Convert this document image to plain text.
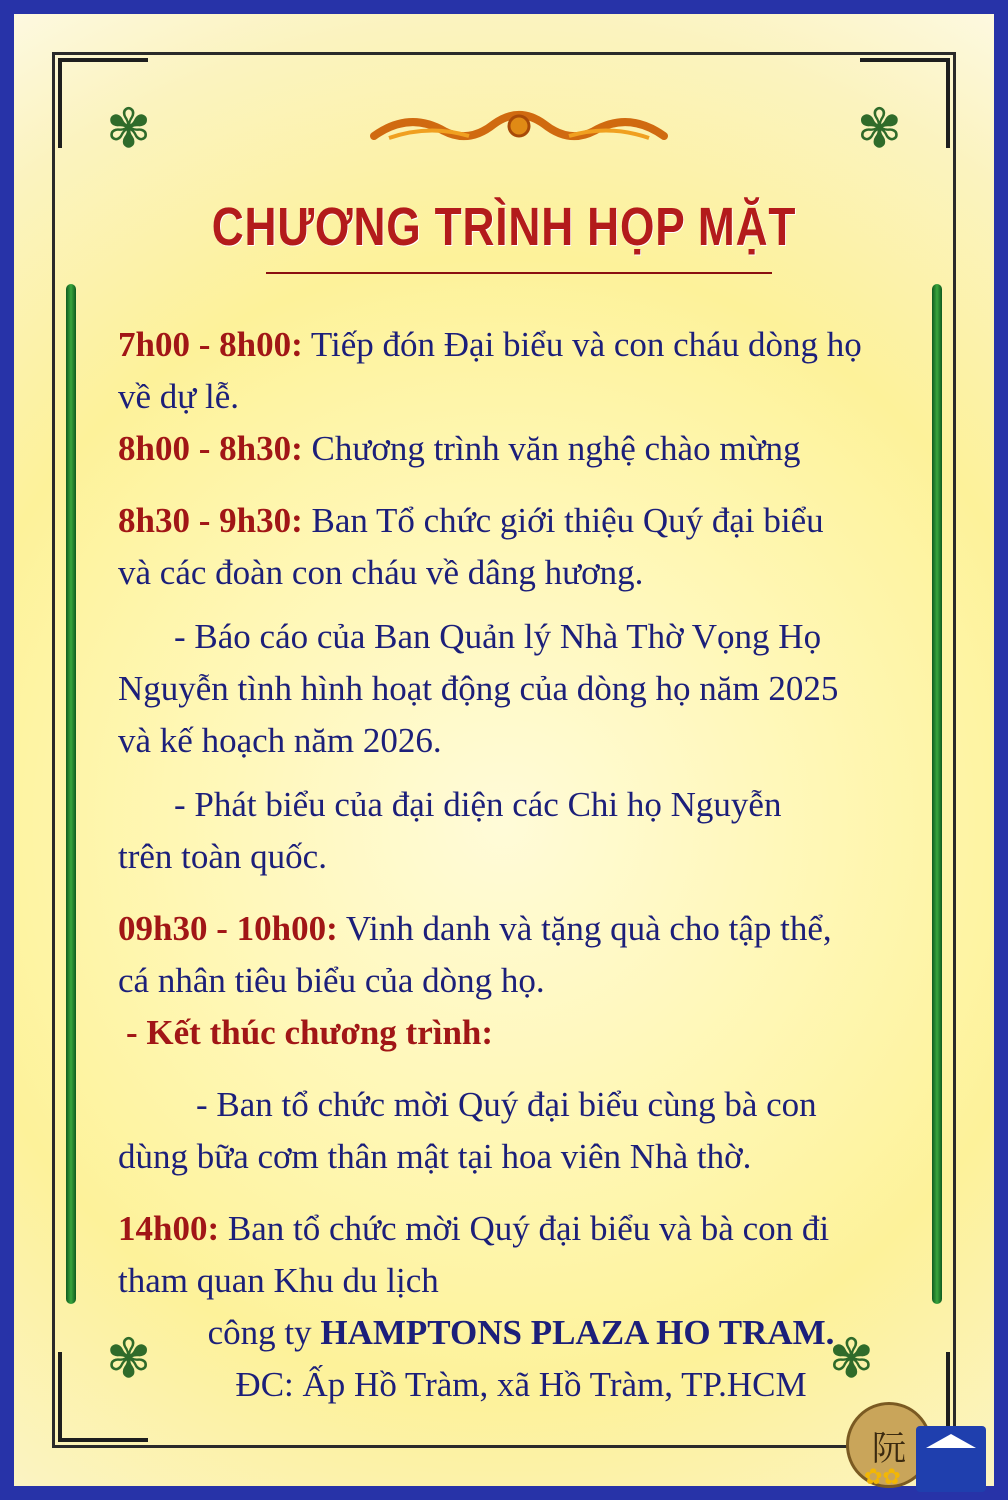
✾	✾
✾	✾
CHƯƠNG TRÌNH HỌP MẶT
7h00 - 8h00: Tiếp đón Đại biểu và con cháu dòng họ
về dự lễ.
8h00 - 8h30: Chương trình văn nghệ chào mừng
8h30 - 9h30: Ban Tổ chức giới thiệu Quý đại biểu
và các đoàn con cháu về dâng hương.
- Báo cáo của Ban Quản lý Nhà Thờ Vọng Họ
Nguyễn tình hình hoạt động của dòng họ năm 2025
và kế hoạch năm 2026.
- Phát biểu của đại diện các Chi họ Nguyễn
trên toàn quốc.
09h30 - 10h00: Vinh danh và tặng quà cho tập thể,
cá nhân tiêu biểu của dòng họ.
- Kết thúc chương trình:
- Ban tổ chức mời Quý đại biểu cùng bà con
dùng bữa cơm thân mật tại hoa viên Nhà thờ.
14h00: Ban tổ chức mời Quý đại biểu và bà con đi
tham quan Khu du lịch
công ty HAMPTONS PLAZA HO TRAM.
ĐC: Ấp Hồ Tràm, xã Hồ Tràm, TP.HCM
阮
✿✿
